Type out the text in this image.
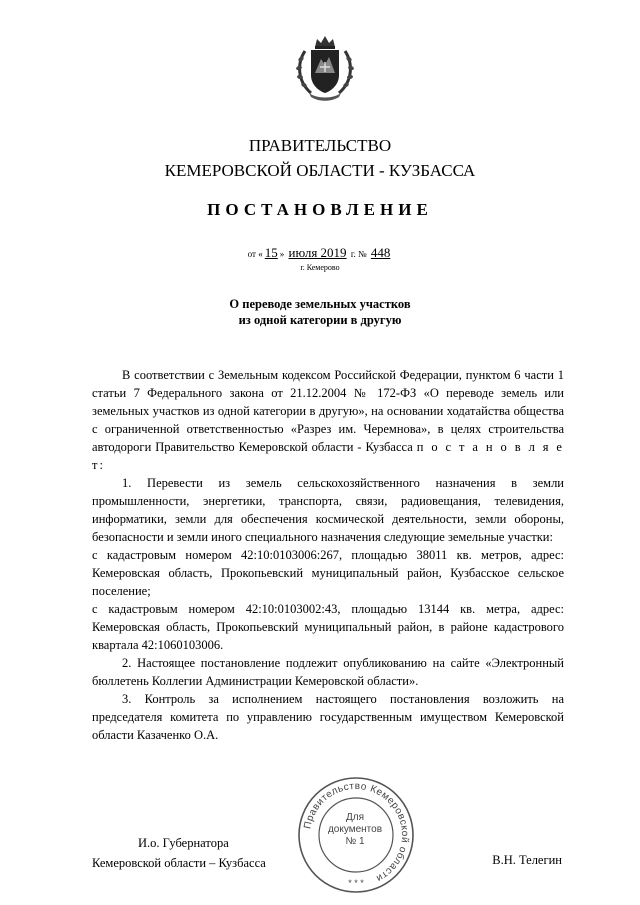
ПРАВИТЕЛЬСТВО
КЕМЕРОВСКОЙ ОБЛАСТИ - КУЗБАССА
ПОСТАНОВЛЕНИЕ
от « 15 » июля 2019 г. № 448
г. Кемерово
О переводе земельных участков
из одной категории в другую

В соответствии с Земельным кодексом Российской Федерации, пунктом 6 части 1 статьи 7 Федерального закона от 21.12.2004 № 172-ФЗ «О переводе земель или земельных участков из одной категории в другую», на основании ходатайства общества с ограниченной ответственностью «Разрез им. Черемнова», в целях строительства автодороги Правительство Кемеровской области - Кузбасса п о с т а н о в л я е т:

1. Перевести из земель сельскохозяйственного назначения в земли промышленности, энергетики, транспорта, связи, радиовещания, телевидения, информатики, земли для обеспечения космической деятельности, земли обороны, безопасности и земли иного специального назначения следующие земельные участки:

с кадастровым номером 42:10:0103006:267, площадью 38011 кв. метров, адрес: Кемеровская область, Прокопьевский муниципальный район, Кузбасское сельское поселение;

с кадастровым номером 42:10:0103002:43, площадью 13144 кв. метра, адрес: Кемеровская область, Прокопьевский муниципальный район, в районе кадастрового квартала 42:1060103006.

2. Настоящее постановление подлежит опубликованию на сайте «Электронный бюллетень Коллегии Администрации Кемеровской области».

3. Контроль за исполнением настоящего постановления возложить на председателя комитета по управлению государственным имуществом Кемеровской области Казаченко О.А.

Правительство Кемеровской области
* * *
Для
документов
№ 1
И.о. Губернатора
Кемеровской области – Кузбасса	В.Н. Телегин
